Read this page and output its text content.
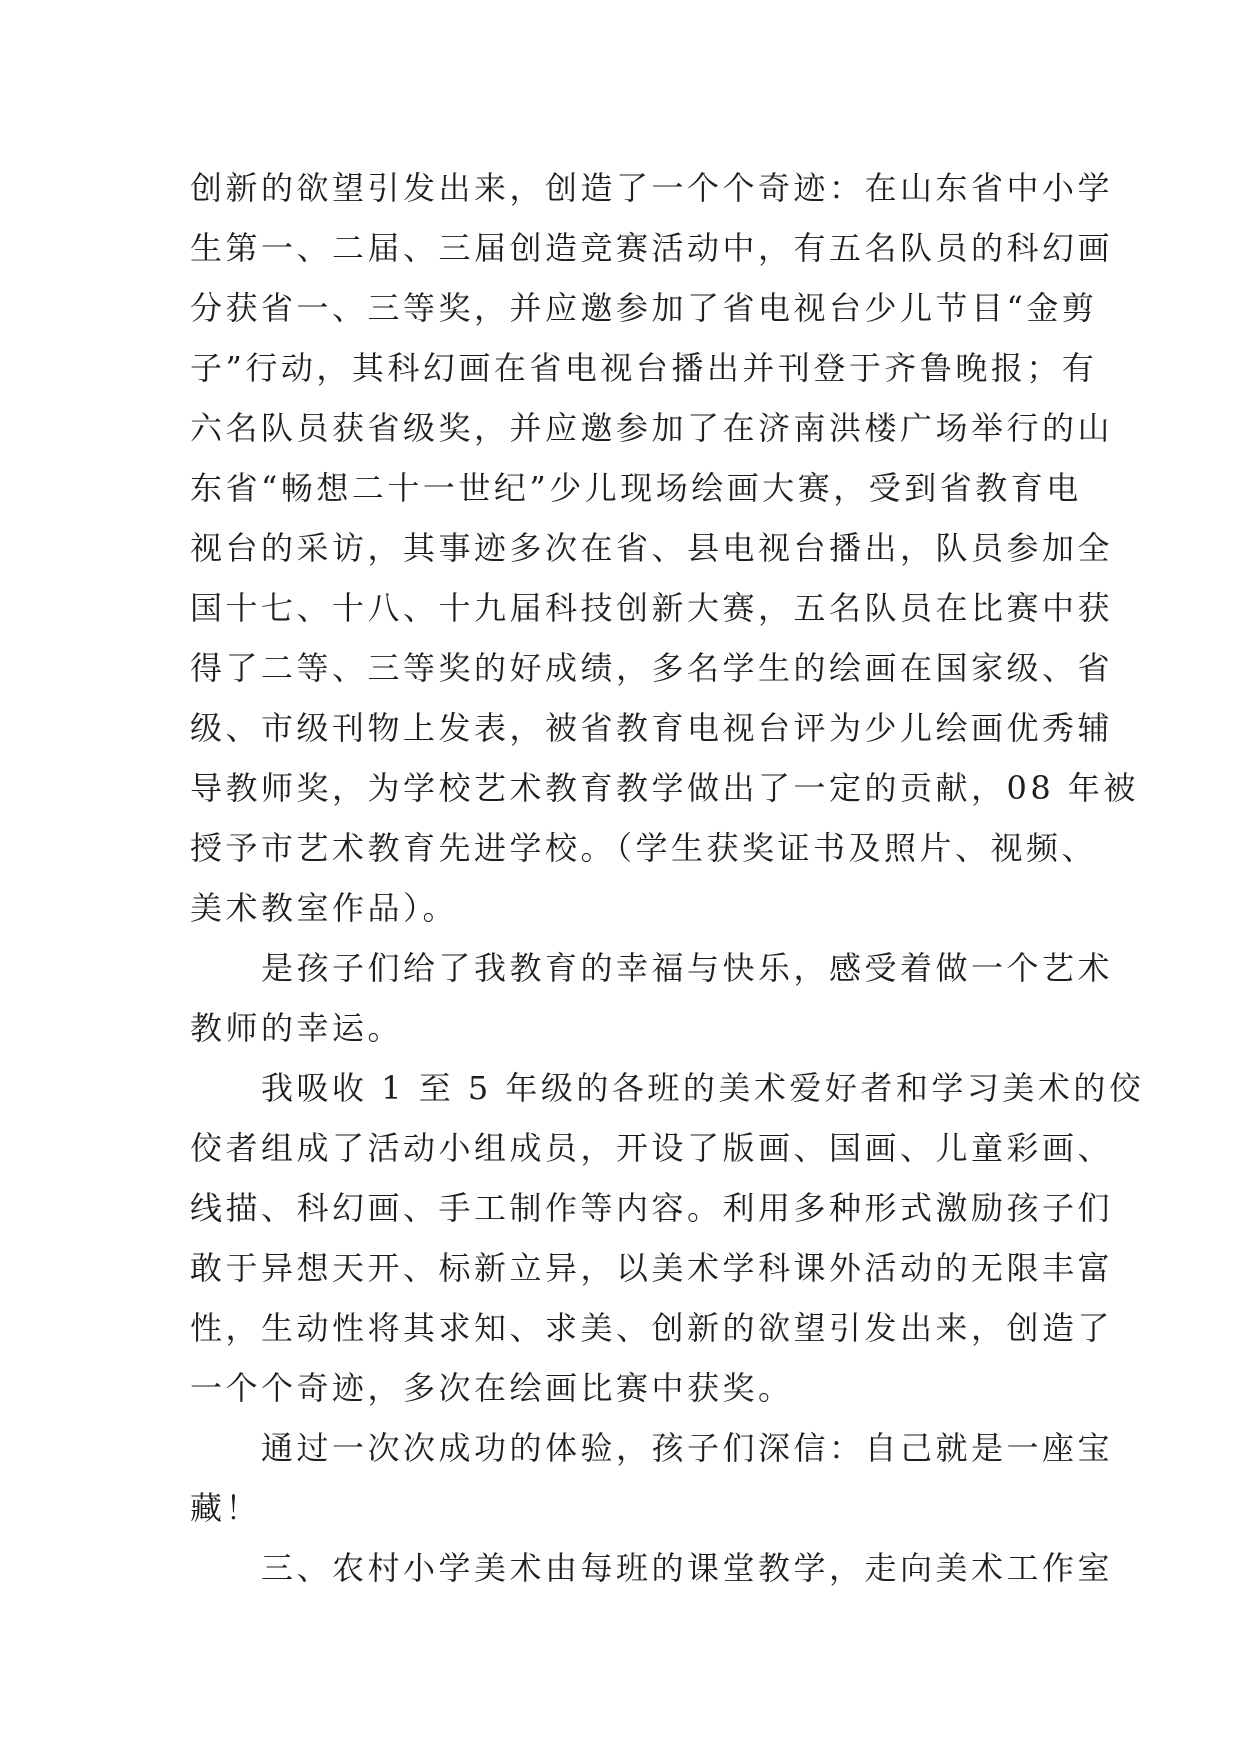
创新的欲望引发出来，创造了一个个奇迹：在山东省中小学
生第一、二届、三届创造竞赛活动中，有五名队员的科幻画
分获省一、三等奖，并应邀参加了省电视台少儿节目“金剪
子”行动，其科幻画在省电视台播出并刊登于齐鲁晚报；有
六名队员获省级奖，并应邀参加了在济南洪楼广场举行的山
东省“畅想二十一世纪”少儿现场绘画大赛，受到省教育电
视台的采访，其事迹多次在省、县电视台播出，队员参加全
国十七、十八、十九届科技创新大赛，五名队员在比赛中获
得了二等、三等奖的好成绩，多名学生的绘画在国家级、省
级、市级刊物上发表，被省教育电视台评为少儿绘画优秀辅
导教师奖，为学校艺术教育教学做出了一定的贡献，08 年被
授予市艺术教育先进学校。（学生获奖证书及照片、视频、
美术教室作品）。
　　是孩子们给了我教育的幸福与快乐，感受着做一个艺术
教师的幸运。
　　我吸收 1 至 5 年级的各班的美术爱好者和学习美术的佼
佼者组成了活动小组成员，开设了版画、国画、儿童彩画、
线描、科幻画、手工制作等内容。利用多种形式激励孩子们
敢于异想天开、标新立异，以美术学科课外活动的无限丰富
性，生动性将其求知、求美、创新的欲望引发出来，创造了
一个个奇迹，多次在绘画比赛中获奖。
　　通过一次次成功的体验，孩子们深信：自己就是一座宝
藏！
　　三、农村小学美术由每班的课堂教学，走向美术工作室
